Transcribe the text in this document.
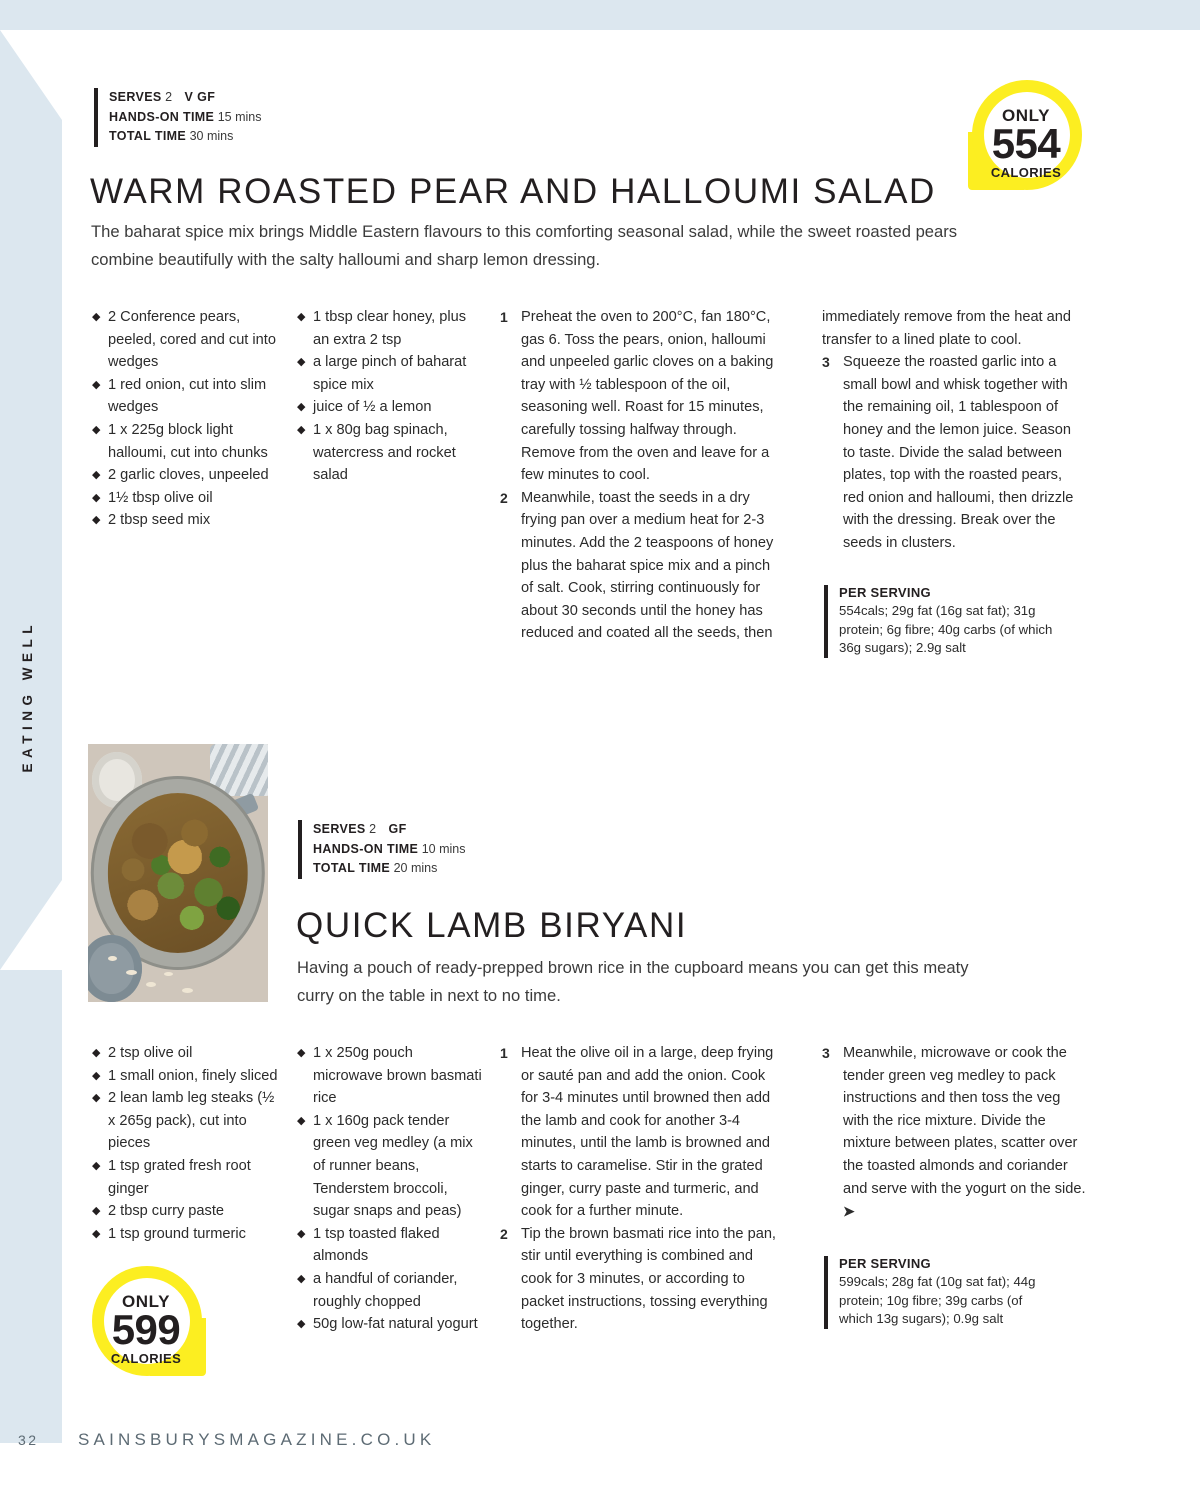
EATING WELL
SERVES 2 V GF
HANDS-ON TIME 15 mins
TOTAL TIME 30 mins
ONLY
554
CALORIES
WARM ROASTED PEAR AND HALLOUMI SALAD
The baharat spice mix brings Middle Eastern flavours to this comforting seasonal salad, while the sweet roasted pears combine beautifully with the salty halloumi and sharp lemon dressing.
◆ 2 Conference pears, peeled, cored and cut into wedges
◆ 1 red onion, cut into slim wedges
◆ 1 x 225g block light halloumi, cut into chunks
◆ 2 garlic cloves, unpeeled
◆ 1½ tbsp olive oil
◆ 2 tbsp seed mix
◆ 1 tbsp clear honey, plus an extra 2 tsp
◆ a large pinch of baharat spice mix
◆ juice of ½ a lemon
◆ 1 x 80g bag spinach, watercress and rocket salad
1 Preheat the oven to 200°C, fan 180°C, gas 6. Toss the pears, onion, halloumi and unpeeled garlic cloves on a baking tray with ½ tablespoon of the oil, seasoning well. Roast for 15 minutes, carefully tossing halfway through. Remove from the oven and leave for a few minutes to cool.
2 Meanwhile, toast the seeds in a dry frying pan over a medium heat for 2-3 minutes. Add the 2 teaspoons of honey plus the baharat spice mix and a pinch of salt. Cook, stirring continuously for about 30 seconds until the honey has reduced and coated all the seeds, then

immediately remove from the heat and transfer to a lined plate to cool.

3 Squeeze the roasted garlic into a small bowl and whisk together with the remaining oil, 1 tablespoon of honey and the lemon juice. Season to taste. Divide the salad between plates, top with the roasted pears, red onion and halloumi, then drizzle with the dressing. Break over the seeds in clusters.
PER SERVING
554cals; 29g fat (16g sat fat); 31g protein; 6g fibre; 40g carbs (of which 36g sugars); 2.9g salt
SERVES 2 GF
HANDS-ON TIME 10 mins
TOTAL TIME 20 mins
QUICK LAMB BIRYANI
Having a pouch of ready-prepped brown rice in the cupboard means you can get this meaty curry on the table in next to no time.
◆ 2 tsp olive oil
◆ 1 small onion, finely sliced
◆ 2 lean lamb leg steaks (½ x 265g pack), cut into pieces
◆ 1 tsp grated fresh root ginger
◆ 2 tbsp curry paste
◆ 1 tsp ground turmeric
◆ 1 x 250g pouch microwave brown basmati rice
◆ 1 x 160g pack tender green veg medley (a mix of runner beans, Tenderstem broccoli, sugar snaps and peas)
◆ 1 tsp toasted flaked almonds
◆ a handful of coriander, roughly chopped
◆ 50g low-fat natural yogurt
1 Heat the olive oil in a large, deep frying or sauté pan and add the onion. Cook for 3-4 minutes until browned then add the lamb and cook for another 3-4 minutes, until the lamb is browned and starts to caramelise. Stir in the grated ginger, curry paste and turmeric, and cook for a further minute.
2 Tip the brown basmati rice into the pan, stir until everything is combined and cook for 3 minutes, or according to packet instructions, tossing everything together.
3 Meanwhile, microwave or cook the tender green veg medley to pack instructions and then toss the veg with the rice mixture. Divide the mixture between plates, scatter over the toasted almonds and coriander and serve with the yogurt on the side. ➤
PER SERVING
599cals; 28g fat (10g sat fat); 44g protein; 10g fibre; 39g carbs (of which 13g sugars); 0.9g salt
ONLY
599
CALORIES
32 SAINSBURYSMAGAZINE.CO.UK
